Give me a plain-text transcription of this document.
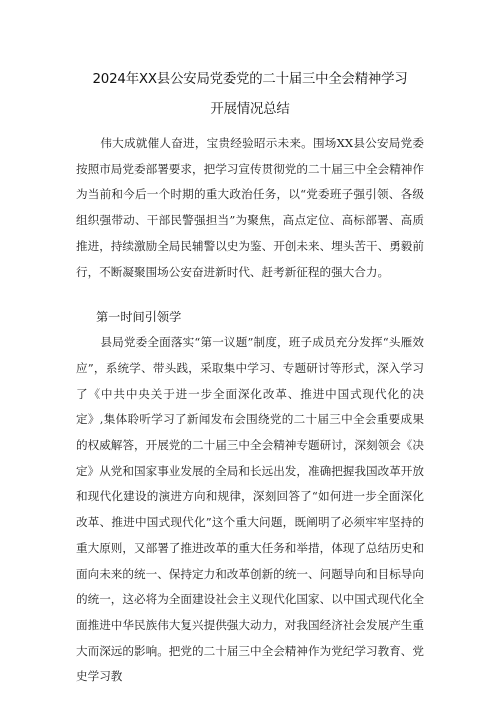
2024年XX县公安局党委党的二十届三中全会精神学习
开展情况总结

伟大成就催人奋进，宝贵经验昭示未来。围场XX县公安局党委按照市局党委部署要求，把学习宣传贯彻党的二十届三中全会精神作为当前和今后一个时期的重大政治任务，以“党委班子强引领、各级组织强带动、干部民警强担当”为聚焦，高点定位、高标部署、高质推进，持续激励全局民辅警以史为鉴、开创未来、埋头苦干、勇毅前行，不断凝聚围场公安奋进新时代、赶考新征程的强大合力。

第一时间引领学

县局党委全面落实“第一议题”制度，班子成员充分发挥“头雁效应”，系统学、带头践，采取集中学习、专题研讨等形式，深入学习了《中共中央关于进一步全面深化改革、推进中国式现代化的决定》,集体聆听学习了新闻发布会围绕党的二十届三中全会重要成果的权威解答，开展党的二十届三中全会精神专题研讨，深刻领会《决定》从党和国家事业发展的全局和长远出发，准确把握我国改革开放和现代化建设的演进方向和规律，深刻回答了“如何进一步全面深化改革、推进中国式现代化”这个重大问题，既阐明了必须牢牢坚持的重大原则，又部署了推进改革的重大任务和举措，体现了总结历史和面向未来的统一、保持定力和改革创新的统一、问题导向和目标导向的统一，这必将为全面建设社会主义现代化国家、以中国式现代化全面推进中华民族伟大复兴提供强大动力，对我国经济社会发展产生重大而深远的影响。把党的二十届三中全会精神作为党纪学习教育、党史学习教
